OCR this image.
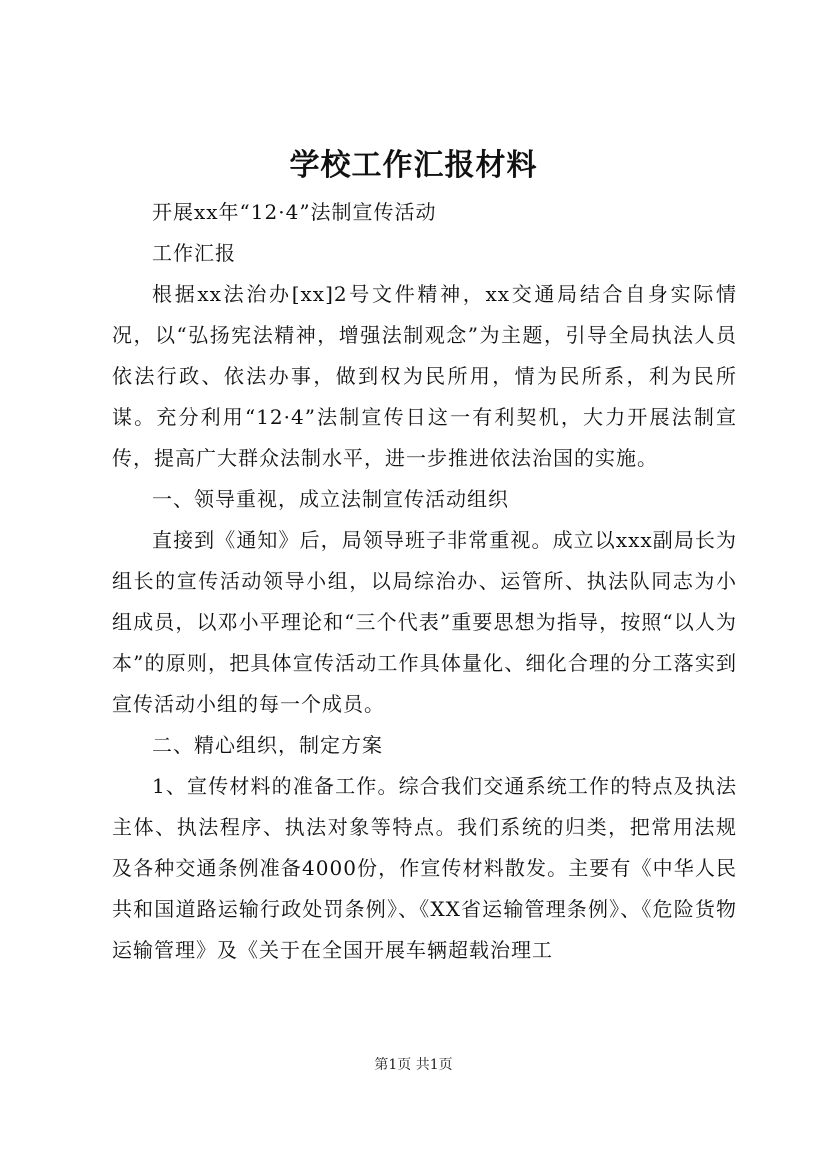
学校工作汇报材料

开展xx年“12·4”法制宣传活动

工作汇报

根据xx法治办[xx]2号文件精神，xx交通局结合自身实际情况，以“弘扬宪法精神，增强法制观念”为主题，引导全局执法人员依法行政、依法办事，做到权为民所用，情为民所系，利为民所谋。充分利用“12·4”法制宣传日这一有利契机，大力开展法制宣传，提高广大群众法制水平，进一步推进依法治国的实施。

一、领导重视，成立法制宣传活动组织

直接到《通知》后，局领导班子非常重视。成立以xxx副局长为组长的宣传活动领导小组，以局综治办、运管所、执法队同志为小组成员，以邓小平理论和“三个代表”重要思想为指导，按照“以人为本”的原则，把具体宣传活动工作具体量化、细化合理的分工落实到宣传活动小组的每一个成员。

二、精心组织，制定方案

1、宣传材料的准备工作。综合我们交通系统工作的特点及执法主体、执法程序、执法对象等特点。我们系统的归类，把常用法规及各种交通条例准备4000份，作宣传材料散发。主要有《中华人民共和国道路运输行政处罚条例》、《XX省运输管理条例》、《危险货物运输管理》及《关于在全国开展车辆超载治理工

第1页 共1页
